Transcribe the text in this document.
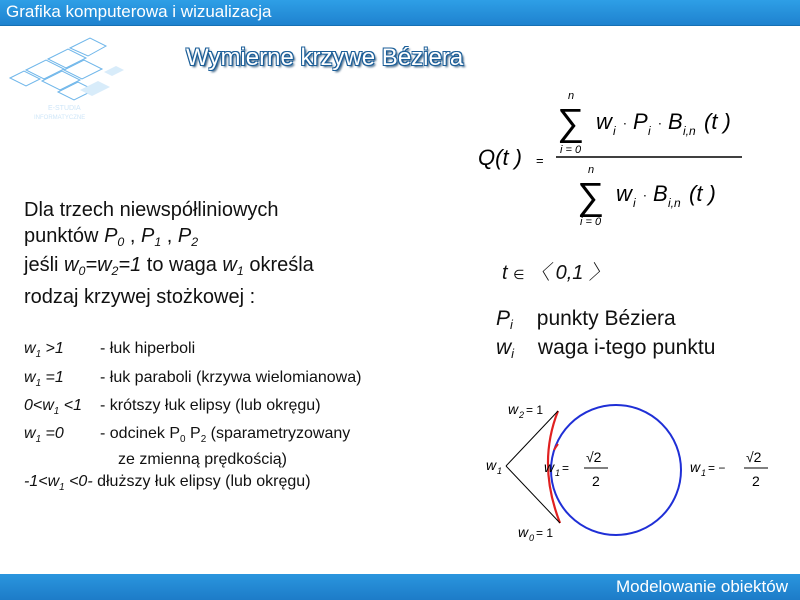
Grafika komputerowa i wizualizacja
E-STUDIA
INFORMATYCZNE
Wymierne krzywe Béziera
Dla trzech niewspółliniowych
punktów $P_0$ , $P_1$ , $P_2$
jeśli $w_0=w_2=1$ to waga $w_1$ określa
rodzaj krzywej stożkowej :
$w_1 >1$ - łuk hiperboli
$w_1 =1$ - łuk paraboli (krzywa wielomianowa)
$0<w_1 <1$ - krótszy łuk elipsy (lub okręgu)
$w_1 =0$ - odcinek $P_0$ $P_2$ (sparametryzowany
ze zmienną prędkością)
$-1<w_1 <0-$ dłuższy łuk elipsy (lub okręgu)
Q(t ) =
n
∑
i = 0
w i ⋅ P i ⋅ B i,n (t )
n
∑
i = 0
w i ⋅ B i,n (t )
t ∈ 〈 0,1 〉
$P_i$ punkty Béziera
$w_i$ waga i-tego punktu
w 2 = 1
w 0 = 1
w 1	w 1 =
√2
2
w 1 = −
√2
2
Modelowanie obiektów
